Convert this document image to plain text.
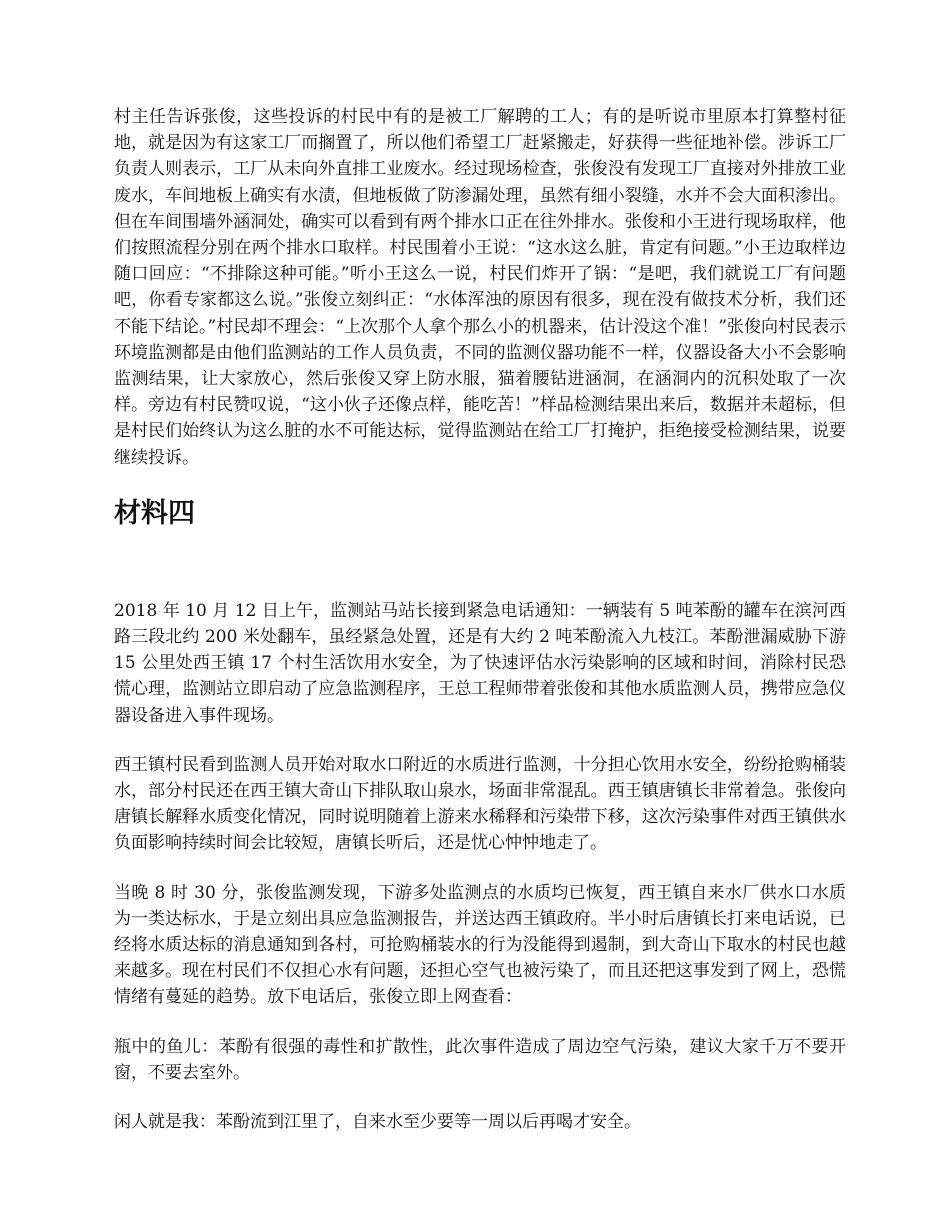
村主任告诉张俊，这些投诉的村民中有的是被工厂解聘的工人；有的是听说市里原本打算整村征地，就是因为有这家工厂而搁置了，所以他们希望工厂赶紧搬走，好获得一些征地补偿。涉诉工厂负责人则表示，工厂从未向外直排工业废水。经过现场检查，张俊没有发现工厂直接对外排放工业废水，车间地板上确实有水渍，但地板做了防渗漏处理，虽然有细小裂缝，水并不会大面积渗出。但在车间围墙外涵洞处，确实可以看到有两个排水口正在往外排水。张俊和小王进行现场取样，他们按照流程分别在两个排水口取样。村民围着小王说：“这水这么脏，肯定有问题。”小王边取样边随口回应：“不排除这种可能。”听小王这么一说，村民们炸开了锅：“是吧，我们就说工厂有问题吧，你看专家都这么说。”张俊立刻纠正：“水体浑浊的原因有很多，现在没有做技术分析，我们还不能下结论。”村民却不理会：“上次那个人拿个那么小的机器来，估计没这个准！”张俊向村民表示环境监测都是由他们监测站的工作人员负责，不同的监测仪器功能不一样，仪器设备大小不会影响监测结果，让大家放心，然后张俊又穿上防水服，猫着腰钻进涵洞，在涵洞内的沉积处取了一次样。旁边有村民赞叹说，“这小伙子还像点样，能吃苦！”样品检测结果出来后，数据并未超标，但是村民们始终认为这么脏的水不可能达标，觉得监测站在给工厂打掩护，拒绝接受检测结果，说要继续投诉。

材料四

2018 年 10 月 12 日上午，监测站马站长接到紧急电话通知：一辆装有 5 吨苯酚的罐车在滨河西路三段北约 200 米处翻车，虽经紧急处置，还是有大约 2 吨苯酚流入九枝江。苯酚泄漏威胁下游 15 公里处西王镇 17 个村生活饮用水安全，为了快速评估水污染影响的区域和时间，消除村民恐慌心理，监测站立即启动了应急监测程序，王总工程师带着张俊和其他水质监测人员，携带应急仪器设备进入事件现场。

西王镇村民看到监测人员开始对取水口附近的水质进行监测，十分担心饮用水安全，纷纷抢购桶装水，部分村民还在西王镇大奇山下排队取山泉水，场面非常混乱。西王镇唐镇长非常着急。张俊向唐镇长解释水质变化情况，同时说明随着上游来水稀释和污染带下移，这次污染事件对西王镇供水负面影响持续时间会比较短，唐镇长听后，还是忧心忡忡地走了。

当晚 8 时 30 分，张俊监测发现，下游多处监测点的水质均已恢复，西王镇自来水厂供水口水质为一类达标水，于是立刻出具应急监测报告，并送达西王镇政府。半小时后唐镇长打来电话说，已经将水质达标的消息通知到各村，可抢购桶装水的行为没能得到遏制，到大奇山下取水的村民也越来越多。现在村民们不仅担心水有问题，还担心空气也被污染了，而且还把这事发到了网上，恐慌情绪有蔓延的趋势。放下电话后，张俊立即上网查看：

瓶中的鱼儿：苯酚有很强的毒性和扩散性，此次事件造成了周边空气污染，建议大家千万不要开窗，不要去室外。

闲人就是我：苯酚流到江里了，自来水至少要等一周以后再喝才安全。
